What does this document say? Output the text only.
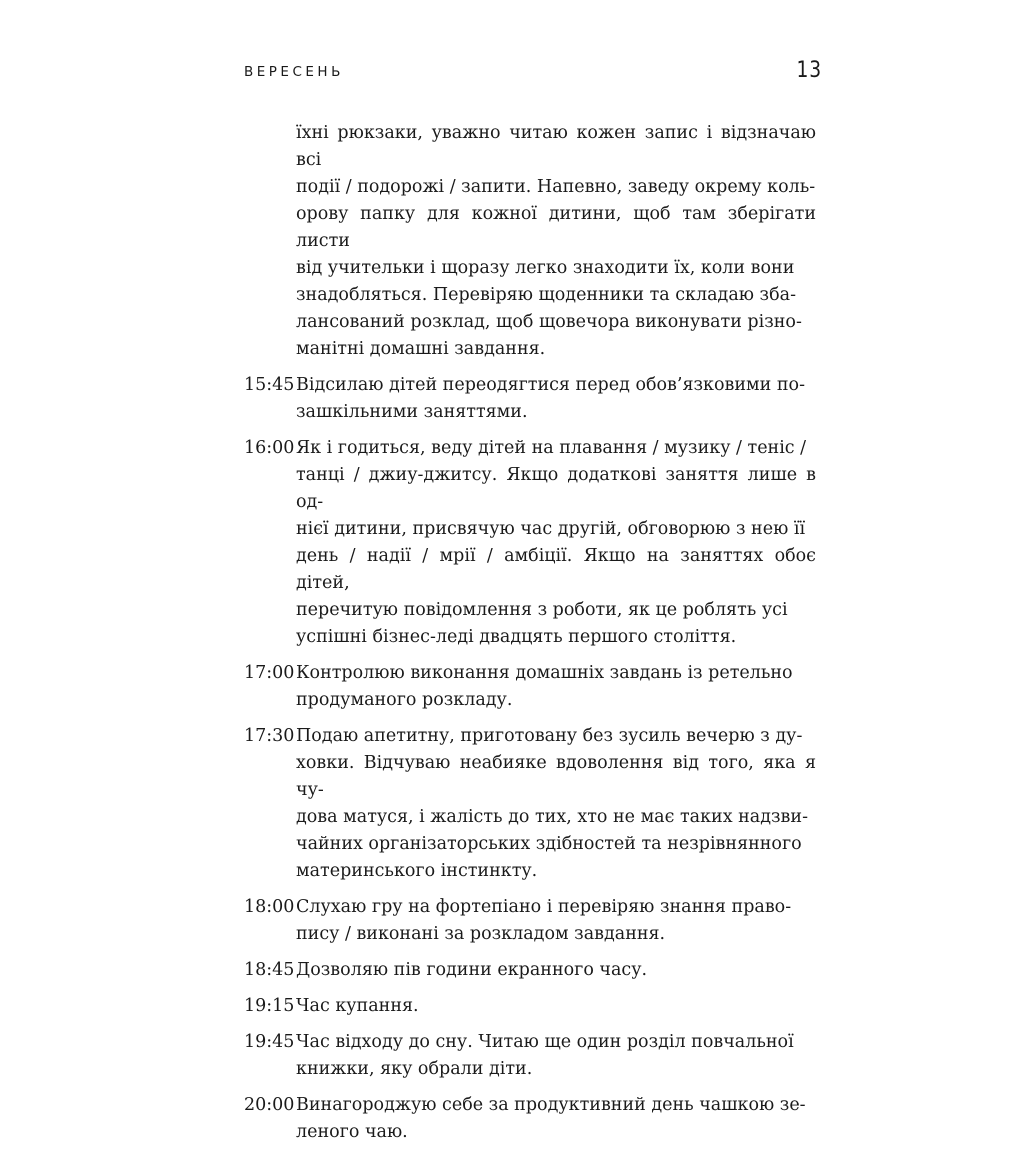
ВЕРЕСЕНЬ	13
їхні рюкзаки, уважно читаю кожен запис і відзначаю всі
події / подорожі / запити. Напевно, заведу окрему коль-
орову папку для кожної дитини, щоб там зберігати листи
від учительки і щоразу легко знаходити їх, коли вони
знадобляться. Перевіряю щоденники та складаю зба-
лансований розклад, щоб щовечора виконувати різно-
манітні домашні завдання.
15:45 Відсилаю дітей переодягтися перед обов’язковими по-
зашкільними заняттями.
16:00 Як і годиться, веду дітей на плавання / музику / теніс /
танці / джиу-джитсу. Якщо додаткові заняття лише в од-
нієї дитини, присвячую час другій, обговорюю з нею її
день / надії / мрії / амбіції. Якщо на заняттях обоє дітей,
перечитую повідомлення з роботи, як це роблять усі
успішні бізнес-леді двадцять першого століття.
17:00 Контролюю виконання домашніх завдань із ретельно
продуманого розкладу.
17:30 Подаю апетитну, приготовану без зусиль вечерю з ду-
ховки. Відчуваю неабияке вдоволення від того, яка я чу-
дова матуся, і жалість до тих, хто не має таких надзви-
чайних організаторських здібностей та незрівнянного
материнського інстинкту.
18:00 Слухаю гру на фортепіано і перевіряю знання право-
пису / виконані за розкладом завдання.
18:45 Дозволяю пів години екранного часу.
19:15 Час купання.
19:45 Час відходу до сну. Читаю ще один розділ повчальної
книжки, яку обрали діти.
20:00 Винагороджую себе за продуктивний день чашкою зе-
леного чаю.
